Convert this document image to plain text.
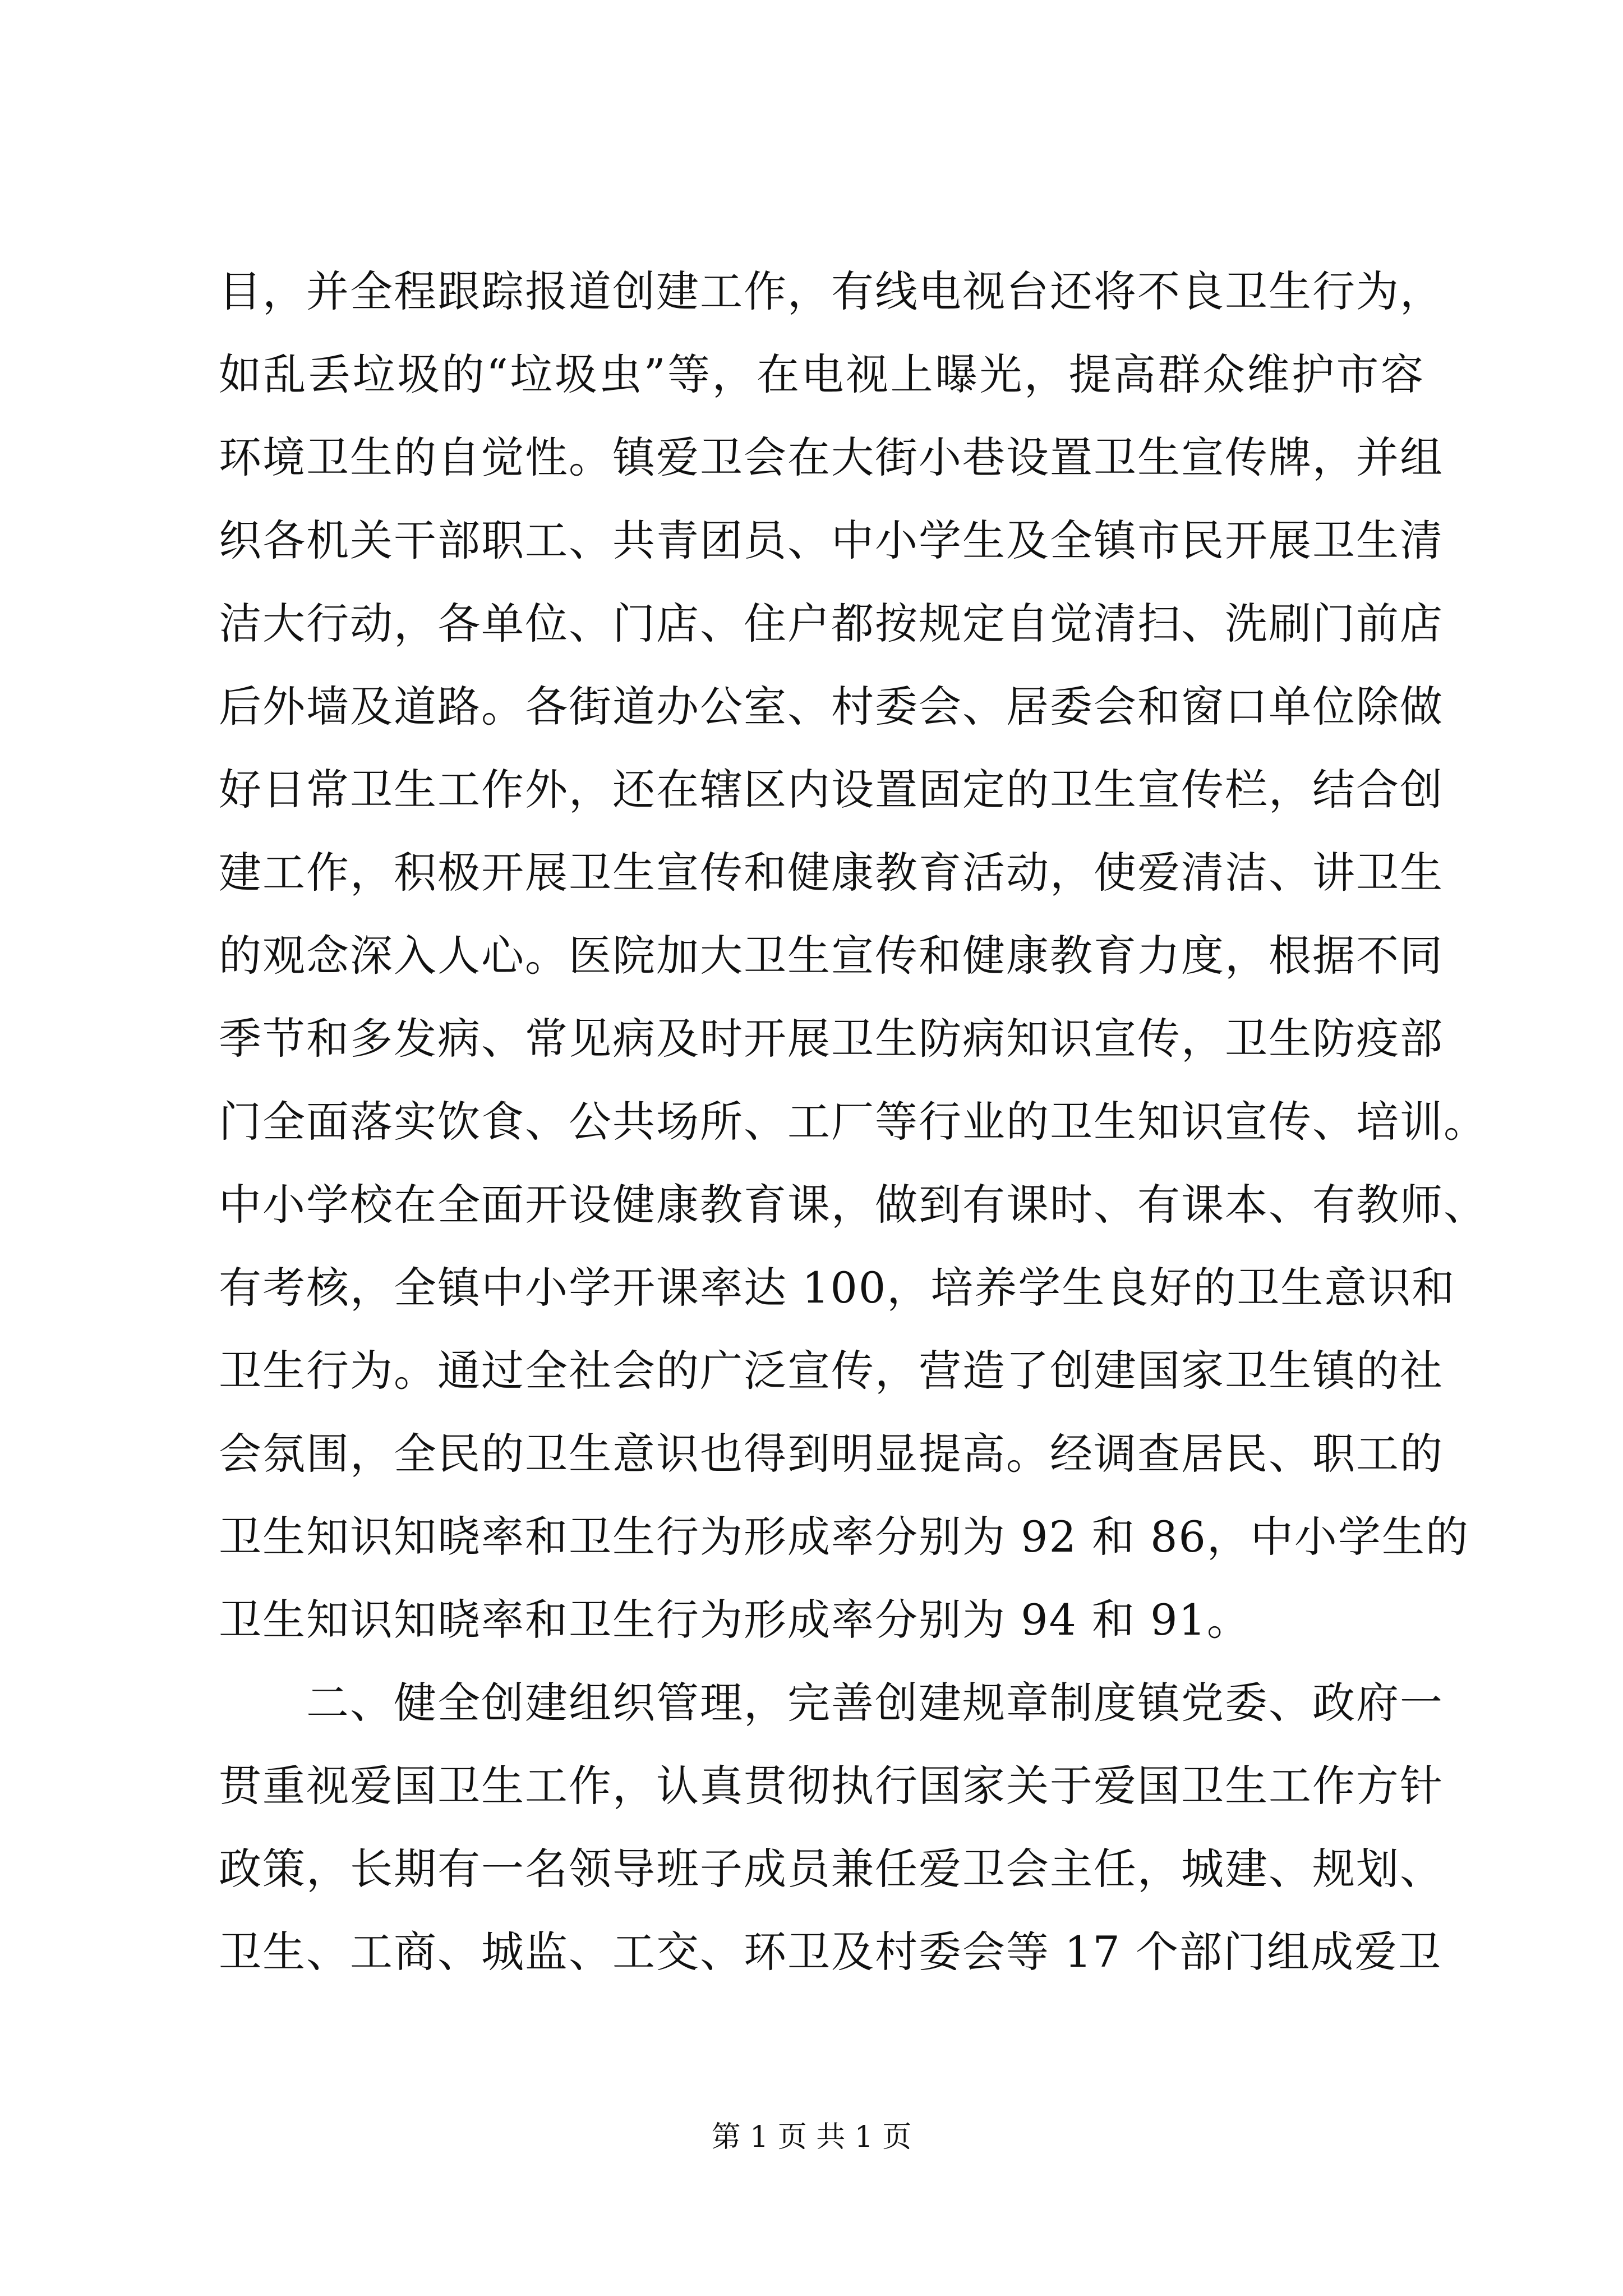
目，并全程跟踪报道创建工作，有线电视台还将不良卫生行为，
如乱丢垃圾的“垃圾虫”等，在电视上曝光，提高群众维护市容
环境卫生的自觉性。镇爱卫会在大街小巷设置卫生宣传牌，并组
织各机关干部职工、共青团员、中小学生及全镇市民开展卫生清
洁大行动，各单位、门店、住户都按规定自觉清扫、洗刷门前店
后外墙及道路。各街道办公室、村委会、居委会和窗口单位除做
好日常卫生工作外，还在辖区内设置固定的卫生宣传栏，结合创
建工作，积极开展卫生宣传和健康教育活动，使爱清洁、讲卫生
的观念深入人心。医院加大卫生宣传和健康教育力度，根据不同
季节和多发病、常见病及时开展卫生防病知识宣传，卫生防疫部
门全面落实饮食、公共场所、工厂等行业的卫生知识宣传、培训。
中小学校在全面开设健康教育课，做到有课时、有课本、有教师、
有考核，全镇中小学开课率达 100，培养学生良好的卫生意识和
卫生行为。通过全社会的广泛宣传，营造了创建国家卫生镇的社
会氛围，全民的卫生意识也得到明显提高。经调查居民、职工的
卫生知识知晓率和卫生行为形成率分别为 92 和 86，中小学生的
卫生知识知晓率和卫生行为形成率分别为 94 和 91。
二、健全创建组织管理，完善创建规章制度镇党委、政府一
贯重视爱国卫生工作，认真贯彻执行国家关于爱国卫生工作方针
政策，长期有一名领导班子成员兼任爱卫会主任，城建、规划、
卫生、工商、城监、工交、环卫及村委会等 17 个部门组成爱卫
第 1 页 共 1 页
